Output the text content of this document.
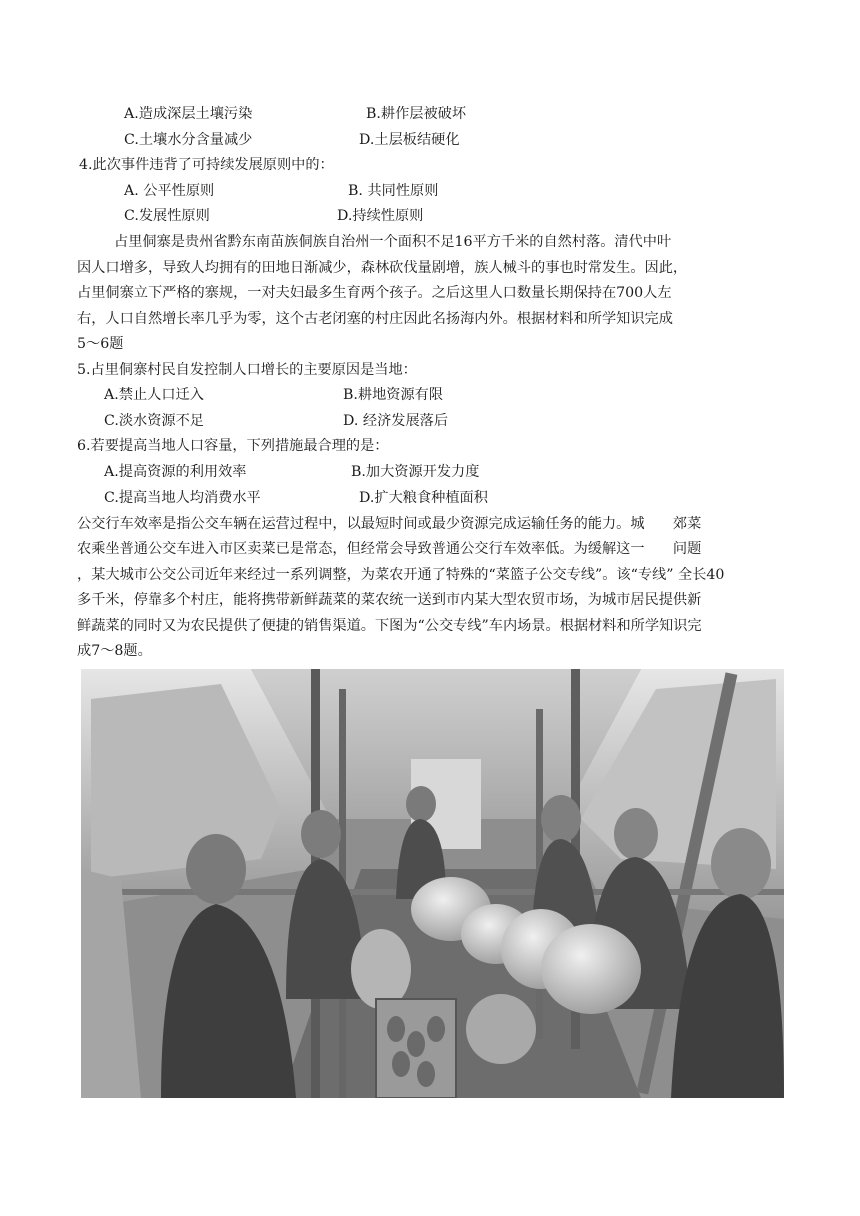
A.造成深层土壤污染	B.耕作层被破坏
C.土壤水分含量减少	D.土层板结硬化
4.此次事件违背了可持续发展原则中的：
A. 公平性原则	B. 共同性原则
C.发展性原则	D.持续性原则
占里侗寨是贵州省黔东南苗族侗族自治州一个面积不足16平方千米的自然村落。清代中叶
因人口增多，导致人均拥有的田地日渐减少，森林砍伐量剧增，族人械斗的事也时常发生。因此，
占里侗寨立下严格的寨规，一对夫妇最多生育两个孩子。之后这里人口数量长期保持在700人左
右，人口自然增长率几乎为零，这个古老闭塞的村庄因此名扬海内外。根据材料和所学知识完成
5～6题
5.占里侗寨村民自发控制人口增长的主要原因是当地：
A.禁止人口迁入	B.耕地资源有限
C.淡水资源不足	D. 经济发展落后
6.若要提高当地人口容量，下列措施最合理的是：
A.提高资源的利用效率	B.加大资源开发力度
C.提高当地人均消费水平	D.扩大粮食种植面积
公交行车效率是指公交车辆在运营过程中，以最短时间或最少资源完成运输任务的能力。城　　郊菜
农乘坐普通公交车进入市区卖菜已是常态，但经常会导致普通公交行车效率低。为缓解这一　　问题
，某大城市公交公司近年来经过一系列调整，为菜农开通了特殊的“菜篮子公交专线”。该“专线” 全长40
多千米，停靠多个村庄，能将携带新鲜蔬菜的菜农统一送到市内某大型农贸市场，为城市居民提供新
鲜蔬菜的同时又为农民提供了便捷的销售渠道。下图为“公交专线”车内场景。根据材料和所学知识完
成7～8题。
